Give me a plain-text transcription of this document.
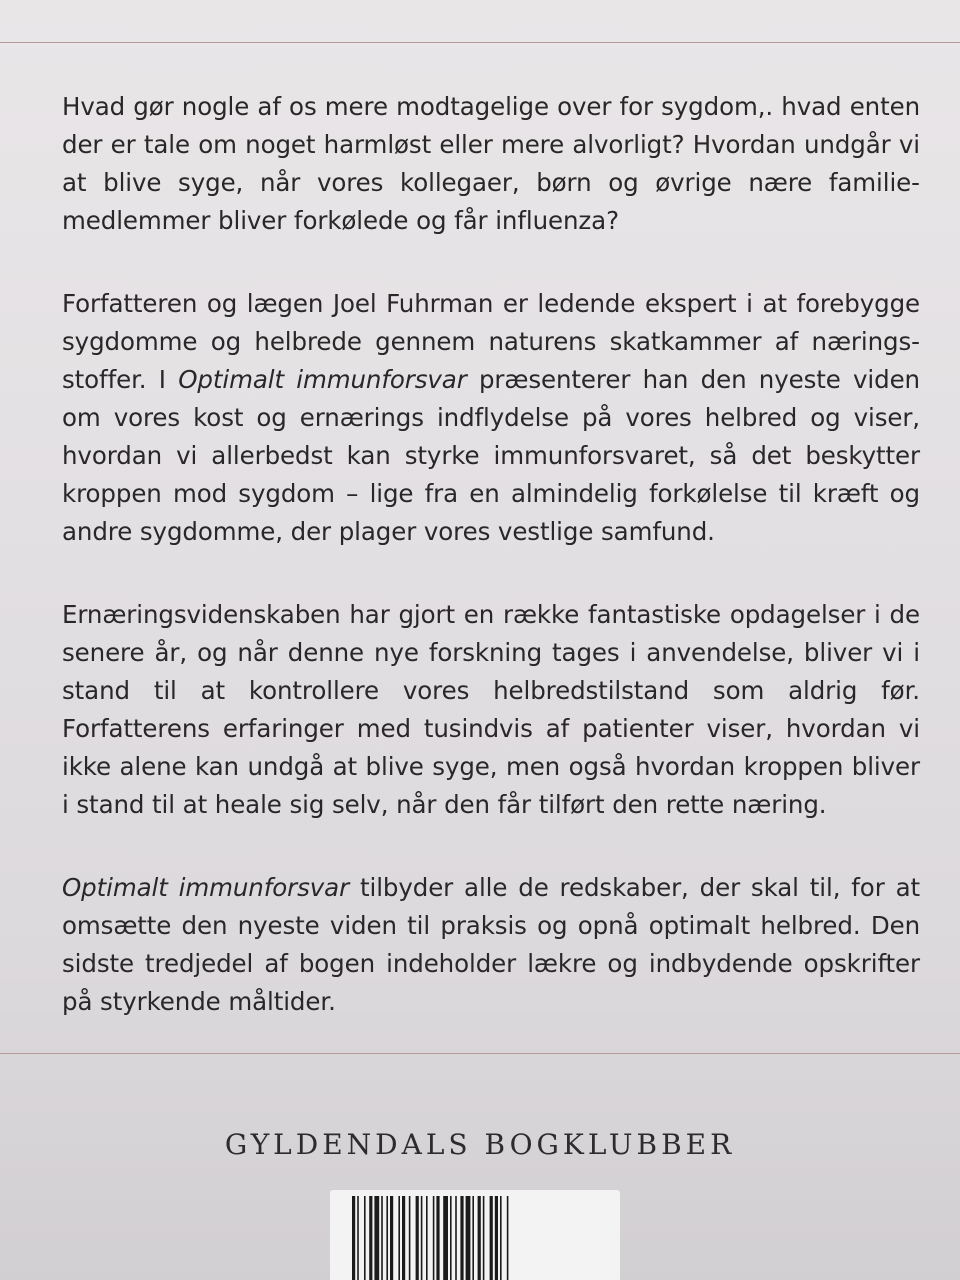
Hvad gør nogle af os mere modtagelige over for sygdom,. hvad enten der er tale om noget harmløst eller mere alvorligt? Hvordan undgår vi at blive syge, når vores kollegaer, børn og øvrige nære familiemedlemmer bliver forkølede og får influenza?

Forfatteren og lægen Joel Fuhrman er ledende ekspert i at forebygge sygdomme og helbrede gennem naturens skatkammer af næringsstoffer. I Optimalt immunforsvar præsenterer han den nyeste viden om vores kost og ernærings indflydelse på vores helbred og viser, hvordan vi allerbedst kan styrke immunforsvaret, så det beskytter kroppen mod sygdom – lige fra en almindelig forkølelse til kræft og andre sygdomme, der plager vores vestlige samfund.

Ernæringsvidenskaben har gjort en række fantastiske opdagelser i de senere år, og når denne nye forskning tages i anvendelse, bliver vi i stand til at kontrollere vores helbredstilstand som aldrig før. Forfatterens erfaringer med tusindvis af patienter viser, hvordan vi ikke alene kan undgå at blive syge, men også hvordan kroppen bliver i stand til at heale sig selv, når den får tilført den rette næring.

Optimalt immunforsvar tilbyder alle de redskaber, der skal til, for at omsætte den nyeste viden til praksis og opnå optimalt helbred. Den sidste tredjedel af bogen indeholder lækre og indbydende opskrifter på styrkende måltider.

GYLDENDALS BOGKLUBBER
